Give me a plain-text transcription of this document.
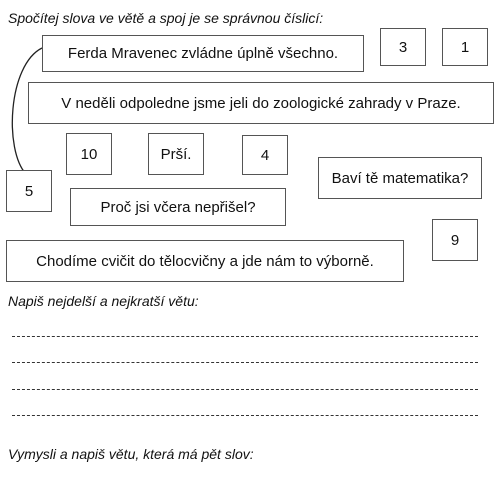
Spočítej slova ve větě a spoj je se správnou číslicí:
Ferda Mravenec zvládne úplně všechno.	3	1
V neděli odpoledne jsme jeli do zoologické zahrady v Praze.
10	Prší.	4
Baví tě matematika?
5
Proč jsi včera nepřišel?
9
Chodíme cvičit do tělocvičny a jde nám to výborně.
Napiš nejdelší a nejkratší větu:
Vymysli a napiš větu, která má pět slov:
